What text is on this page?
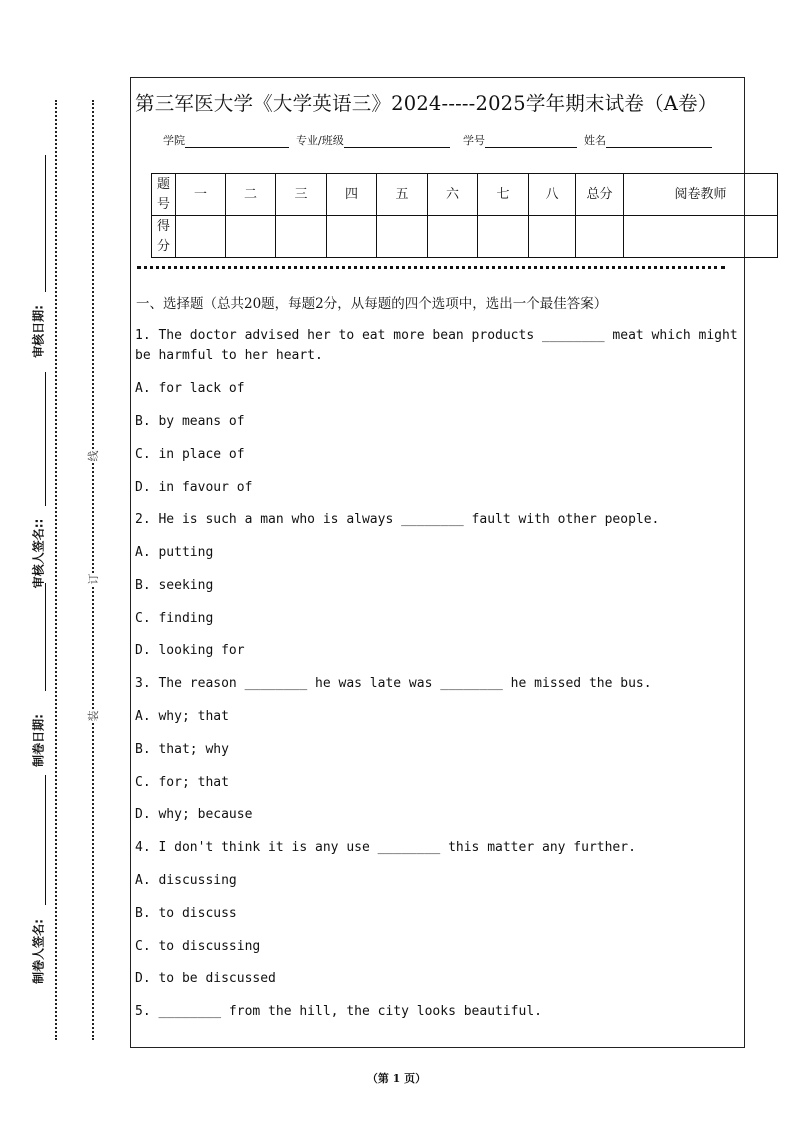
线
订
装
审核日期:
审核人签名::
制卷日期:
制卷人签名:
第三军医大学《大学英语三》2024-----2025学年期末试卷（A卷）
学院	专业/班级	学号	姓名
题号	一	二	三	四	五	六	七	八	总分	阅卷教师
得分										
一、选择题（总共20题，每题2分，从每题的四个选项中，选出一个最佳答案）
1. The doctor advised her to eat more bean products ________ meat which might
be harmful to her heart.
A. for lack of
B. by means of
C. in place of
D. in favour of
2. He is such a man who is always ________ fault with other people.
A. putting
B. seeking
C. finding
D. looking for
3. The reason ________ he was late was ________ he missed the bus.
A. why; that
B. that; why
C. for; that
D. why; because
4. I don't think it is any use ________ this matter any further.
A. discussing
B. to discuss
C. to discussing
D. to be discussed
5. ________ from the hill, the city looks beautiful.
（第 1 页）
